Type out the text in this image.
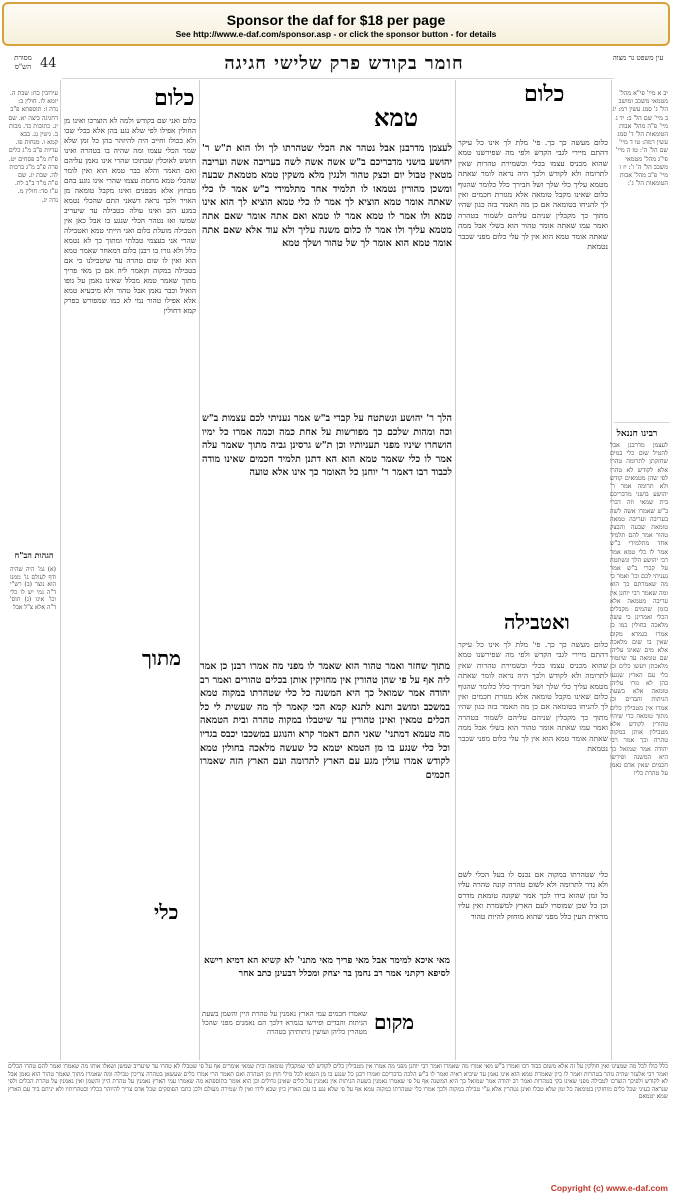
Sponsor the daf for $18 per page
See http://www.e-daf.com/sponsor.asp - or click the sponsor button - for details
מסורת הש"ס 44	חומר בקודש פרק שלישי חגיגה	עין משפט נר מצוה
עירובין כח: שבת ה. יומא לו. חולין ב: נדה ז: תוספתא פ"ב דחגיגה ביצה יא. שם יג. כתובות כד. מכות ב. גיטין נג. בבא קמא ו. מנחות פו. עדיות פ"ב מ"ג כלים פ"ח מ"ב פסחים יט. פרה פ"ב מ"ג ברכות לה. שבת יג. שם פ"ה מ"ד ב"ב לח. ע"ז סד: חולין מ. נדה יג.
הגהות הב"ח
(א) גמ' היה שהיה ודף לעולם גו' ממנו הוא נוצר (ב) רש"י ד"ה נמי יש לו כלי וכו' אינו (ג) תוס' ד"ה אלא צ"ל אבל
כלום
כלום ואני שם בקודש ולמה לא הוצרכו ואינו מן החולין אפילו לפי שלא נגע בהן אלא בכלי שבו ולא בכולו וחייב היה להיזהר בהן כל זמן שלא שמר הכלי עצמו ומה שהיה בו בטהרה ואינו חושש לאוכלין שבתוכו שהרי אינו נאמן עליהם ואם תאמר והלא כבר טמא הוא ואין לומר שהכלי טמא מחמת עצמו שהרי אינו נוגע בהם מבחוץ אלא מבפנים ואינו מקבל טומאה מן האויר ולכך נראה דשאני התם שהכלי נטמא במגע הזב ואינו עולה בטבילה עד שיעריב שמשו ואז נטהר הכלי שנגע בו אבל כאן אין הטבילה מועלת כלום ואני הייתי טמא ואטבילה שהרי אני בעצמי טבלתי ומתוך כך לא נטמא כלל ולא גזרו בו רבנן כלום דמאחר שאמר טמא הוא ואין לו שום טהרה עד שיטבילנו כי אם בטבילה במקוה וקאמר ליה אם כן מאי פריך מתוך שאמר טמא מכלל שאינו נאמן על גופו הואיל וכבר נאמן אבל טהור ולא מיבעיא טמא אלא אפילו טהור נמי לא כמו שמפורש בפרק קמא דחולין
מתוך
כלי
טמא
לעצמן מדרבנן אבל נטהר את הכלי שטהרתו לך ולו הוא ת"ש ר' יהושע בושני מדבריכם ב"ש אשה אשה לשה בעריבה אשה ועריבה מטאין טבול יום וכצק טהור ולנגין מלא משקין טמא מטמאת שבעה ומשכן מהורין נטמאו לו תלמיד אחד מתלמידי ב"ש אמר לו כלי שאתה אומר טמא הוציא לך אמר לו כלי טמא הוציא לך הוא אינו טמא ולו אמר לו טמא אמר לו טמא ואם אתה אומר שאם אתה מטמא עליך ולו אמר לו כלום משנה עליך ולא עוד אלא שאם אתה אומר טמא הוא אומר לך של טהור ושלך טמא
הלך ר' יהושע ונשתטח על קברי ב"ש אמר נעניתי לכם עצמות ב"ש וכה ומהות שלכם כך מפורשות על אחת כמה וכמה אמרו כל ימיו הושחרו שיניו מפני תעניותיו וכן ת"ש גרסינן גביה מתוך שאמר עלה אמר לו כלי שאמר טמא הוא הא דתנן תלמיד חכמים שאינו מודה לכבוד רבו דאמר ר' יוחנן כל האומר כך אינו אלא טועה
מתוך שחזר ואמר טהור הוא שאמר לו מפני מה אמרו רבנן כן אמר ליה אף על פי שהן טהורין אין מחזיקין אותן בכלים טהורים ואמר רב יהודה אמר שמואל כך היא המשנה כל כלי שטהרתו במקוה טמא במשכב ומושב ותנא לתנא קמא הכי קאמר לך מה שעשית לי כל הכלים טמאין ואינן טהורין עד שיטבלו במקוה טהרה ובית הטמאה מה טעמא דמתני' שאני התם דאמר קרא והנוגע במשכבו יכבס בגדיו וכל כלי שנגע בו מן הטמא יטמא כל שעשה מלאכה בחולין טמא לקודש אמרו עולין מגע עם הארץ לתרומה ועם הארץ הזה שאמרו חכמים
מאי איכא למימר אבל מאי פריך מאי מתני' לא קשיא הא דמיא רישא לסיפא דקתני אמר רב נחמן בר יצחק ומכלל דבעינן כתב אחר
מקום
שאמרו חכמים עמי הארץ נאמנין על טהרת היין והשמן בשעת הגיתות והבדים ופירשו בגמרא דלכך הם נאמנים מפני שהכל מטהרין כליהן ועושין גיתותיהן בטהרה
כלום
כלום מעשה כך כך. פי' מלת לך אינו כל עיקר דהתם מיירי לגבי הקדש ולפי מה שפירשנו טמא שהוא מכניס עצמו בכלי ובשמירת טהרות שאין לתרומה ולא לקודש ולכך היה נראה לומר שאתה מטמא עליך כלי שלך ושל חבירך כלל כלומר שהגוף כלום שאינו מקבל טומאה אלא מגזרת חכמים ואין לך להניחו בטומאה אם כן מה תאמר בזה כגון שהיו מתוך כך מקבלין שניהם עליהם לשמור בטהרה ואמר עמו שאתה אומר טהור הוא בשלי אבל ממה שאתה אומר טמא הוא אין לך עלי כלום מפני שכבר נטמאת
ואטבילה
כלום מעשה כך כך. פי' מלת לך אינו כל עיקר דהתם מיירי לגבי הקדש ולפי מה שפירשנו טמא שהוא מכניס עצמו בכלי ובשמירת טהרות שאין לתרומה ולא לקודש ולכך היה נראה לומר שאתה מטמא עליך כלי שלך ושל חבירך כלל כלומר שהגוף כלום שאינו מקבל טומאה אלא מגזרת חכמים ואין לך להניחו בטומאה אם כן מה תאמר בזה כגון שהיו מתוך כך מקבלין שניהם עליהם לשמור בטהרה ואמר עמו שאתה אומר טהור הוא בשלי אבל ממה שאתה אומר טמא הוא אין לך עלי כלום מפני שכבר נטמאת
כלי שטהרתו במקוה אם נכנס לו בעל הכלי לשם ולא גדר לתרומה ולא לשום טהרה קונה טהרה עליו כל זמן שהוא בידו לכך אמר שקונה טומאת מדרס וכן כל שכן שמוסרו לעם הארץ למשמרת ואין עליו מראית העין כלל מפני שהוא מוחזק להיות טהור
יב א מיי' פי"א מהל' מטמאי משכב ומושב הל' ג' סמג עשין רמ: יג ב מיי' שם הל' ב: יד ג מיי' פ"ה מהל' אבות הטומאות הל' ד' סמג עשין רמה: טו ד מיי' שם הל' ה': טז ה מיי' פי"ג מהל' מטמאי משכב הל' ה' ו': יז ו מיי' פ"ב מהל' אבות הטומאות הל' ג':
רבינו חננאל
לעצמן מדרבנן אבל להטיל שום כלי במים שחזקתן לתרומה טהרו אלא לקודש לא טהרו לפי שהן מטמאים קודש ולא תרומה אמר ר' יהושע בושני מדבריכם בית שמאי וזה דברי ב"ש שאמרו אשה לשה בעריבה ועריבה טמאה טומאת שבעה והבצק טהור אמר להם תלמיד אחד מתלמידי ב"ש אמר לו כלי טמא אמר רבי יהושע הלך ונשתטח על קברי ב"ש אמר נעניתי לכם וכו' ואמר כי מה שאמרתם כך הוא ומה שאמר רבי יוחנן אין עריבה מטמאה אלא בזמן שהמים מקבלים הכלי ואמרינן כי עשה מלאכה בחולין כמו כן אמרו בגמרא מקום שאין בו שום מלאכה אלא מים שאינו עליהן שם טומאה עד שיגמור מלאכתן ויעשו כלים וכן כלי עם הארץ שנגעו בהן לא גזרו עליהן טומאה אלא בשעת הגיתות והבדים וכן אמרו אין מטבילין כלים מתוך טומאה כדי שיהיו טהורין לקודש אלא מטבילין אותן במקוה טהרה וכך אמר רבי יהודה אמר שמואל כך היא המשנה ופירשו חכמים שאין אדם נאמן על טהרת כליו
כלל כולו לכל מה שמצינו ואין חולקין על זה אלא משום כבוד רבו ואמרו ב"ש מאי אמרו מה שאמרו ואמר רבי יוחנן מפני מה אמרו אין מטבילין כלים לקודש לפי שמקבלין טומאה ובית שמאי אומרים אף על פי שטבלו לא טהרו עד שיעריב שמשן ושאלו אותו מה שאמרו ואמר להם טהרו הכלים ואמר רבי אלעזר שהיה נזהר בטהרות ואמר לו כיון שאמרת טמא הוא אינו נאמן עד שיביא ראיה ואמר לו ב"ש הלכה כדבריכם ואמרו רבנן כל שנגע בו מן הטמא לכל מילי חוץ מן הטהרה ואם תאמר הרי אמרו כלים שעשאן בטהרה צריכין טבילה ומה שאמרו מתוך שאמר טהור הוא נאמן אבל לא לקודש ולפיכך הוצרכו לטבילה מפני שאינו בקי בטהרות ואמר רב יהודה אמר שמואל כך היא המשנה אף על פי שאמרו נאמנין בשעת הגיתות אין נאמנין על כלים שאינן גדולים וכן הוא אומר בתוספתא מה שאמרו עמי הארץ נאמנין על טהרת היין והשמן ואין נאמנין על טהרת הכלים ולפי שנראה בעיני שכל כלים מוחזקין בטומאה כל זמן שלא טבלו ואינן נטהרין אלא ע"י טבילה במקוה ולכך אמרו כלי שטהרתו במקוה טמא אף על פי שלא נגע בו עם הארץ כיון שבא לידו ואין לו שמירה מעולם ולכן כתבו הפוסקים שכל אדם צריך להיזהר בכליו ובטהרותיו ולא יניחם ביד עם הארץ שמא יטמאם
Copyright (c) www.e-daf.com
